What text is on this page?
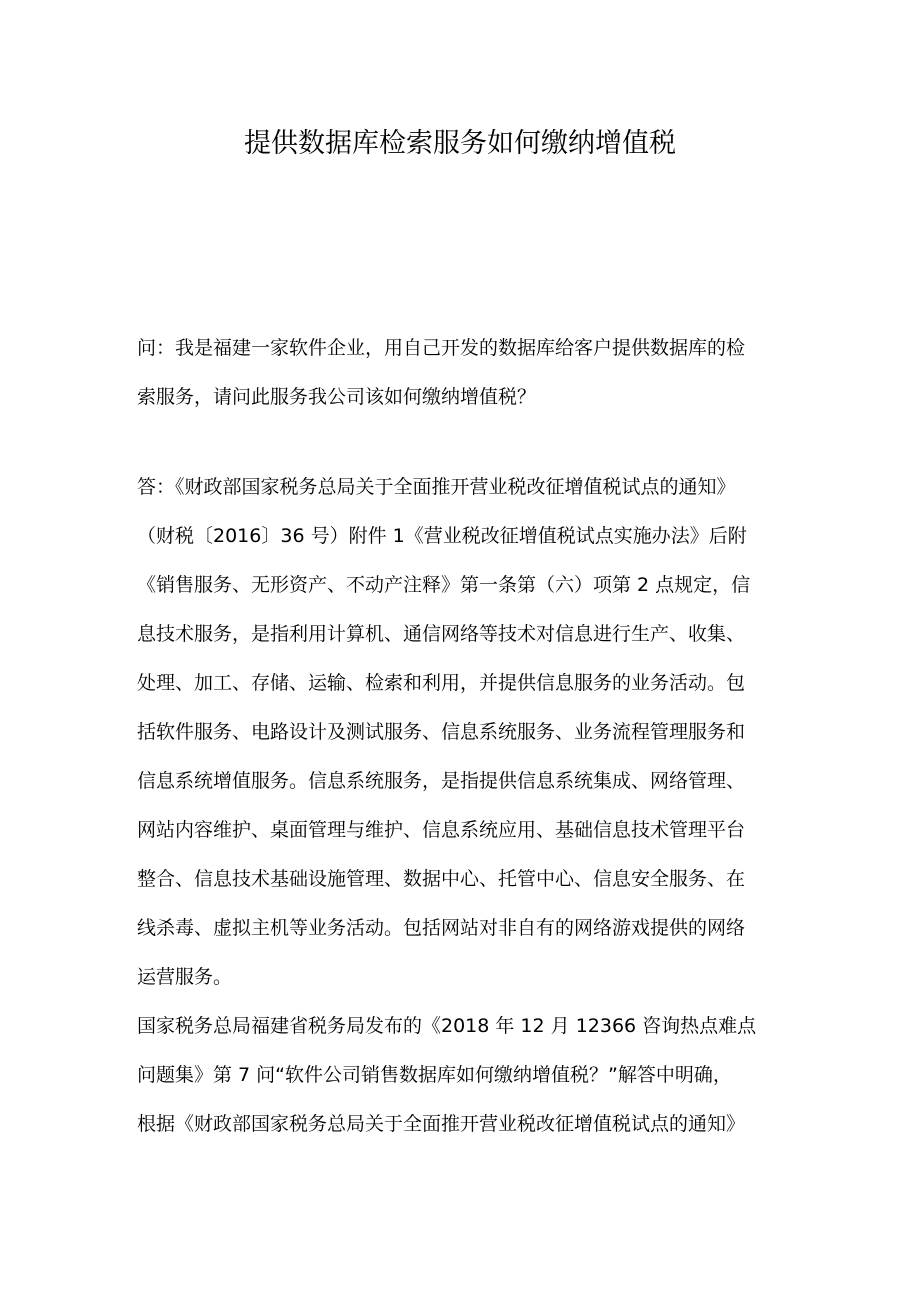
提供数据库检索服务如何缴纳增值税
问：我是福建一家软件企业，用自己开发的数据库给客户提供数据库的检
索服务，请问此服务我公司该如何缴纳增值税？
答：《财政部国家税务总局关于全面推开营业税改征增值税试点的通知》
（财税〔2016〕36 号）附件 1《营业税改征增值税试点实施办法》后附
《销售服务、无形资产、不动产注释》第一条第（六）项第 2 点规定，信
息技术服务，是指利用计算机、通信网络等技术对信息进行生产、收集、
处理、加工、存储、运输、检索和利用，并提供信息服务的业务活动。包
括软件服务、电路设计及测试服务、信息系统服务、业务流程管理服务和
信息系统增值服务。信息系统服务，是指提供信息系统集成、网络管理、
网站内容维护、桌面管理与维护、信息系统应用、基础信息技术管理平台
整合、信息技术基础设施管理、数据中心、托管中心、信息安全服务、在
线杀毒、虚拟主机等业务活动。包括网站对非自有的网络游戏提供的网络
运营服务。
国家税务总局福建省税务局发布的《2018 年 12 月 12366 咨询热点难点
问题集》第 7 问“软件公司销售数据库如何缴纳增值税？”解答中明确，
根据《财政部国家税务总局关于全面推开营业税改征增值税试点的通知》
